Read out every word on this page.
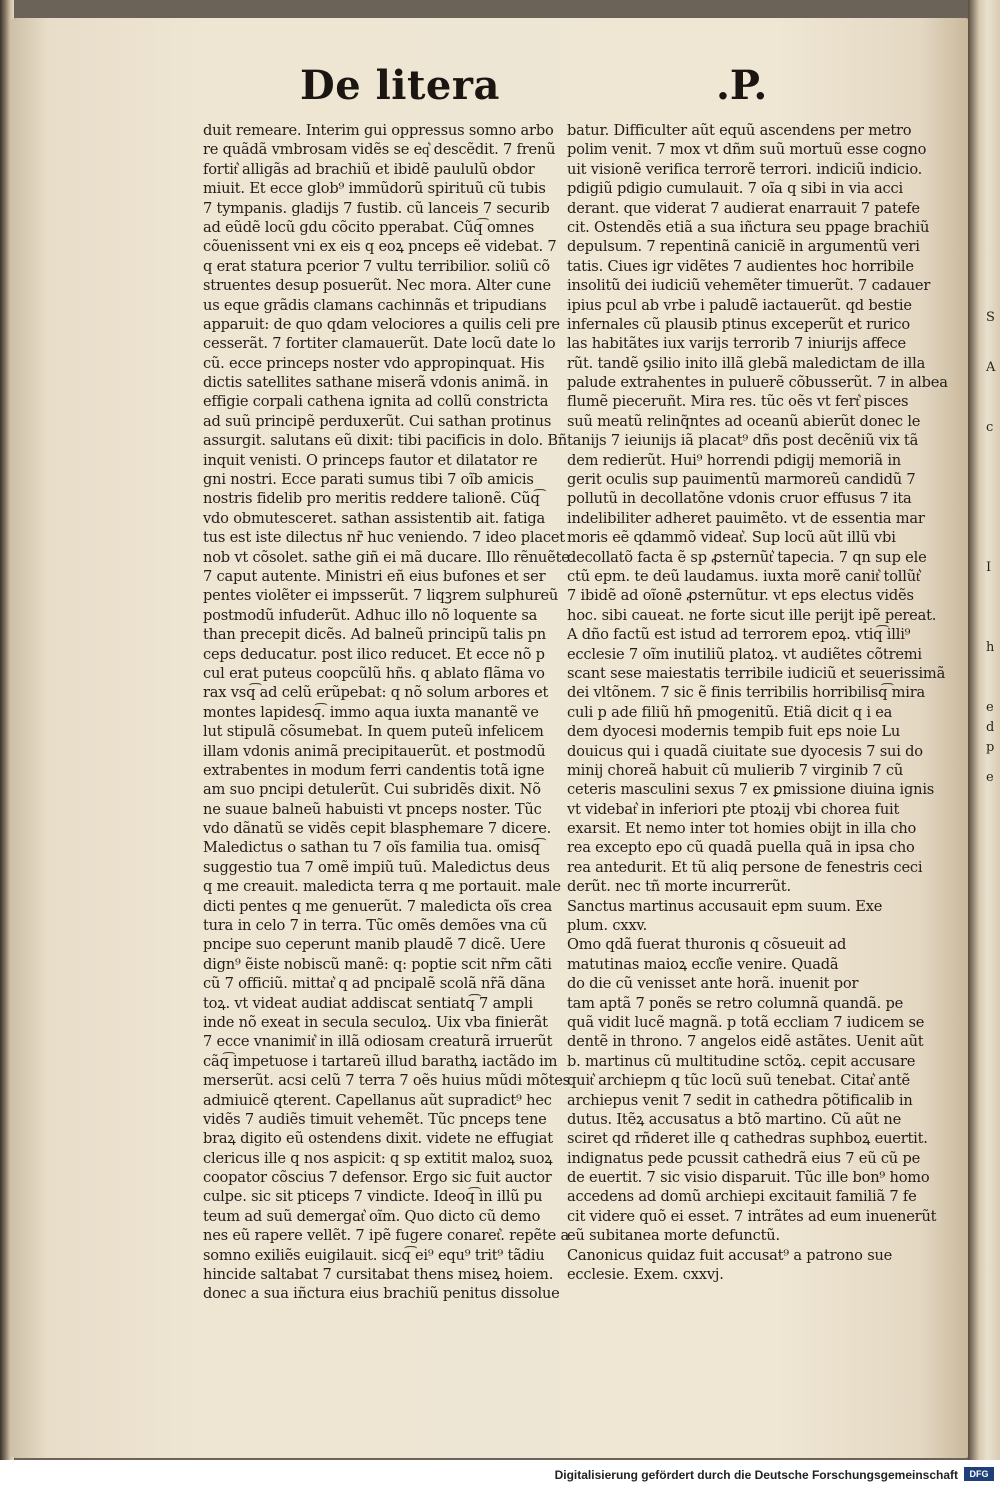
De litera	.P.
duit remeare. Interim gui oppressus somno arbo
re quãdã vmbrosam vidẽs se eq͛ descẽdit. 7 frenũ
fortit͛ alligãs ad brachiũ et ibidẽ paululũ obdor
miuit. Et ecce glob⁹ immũdorũ spirituũ cũ tubis
7 tympanis. gladijs 7 fustib. cũ lanceis 7 securib
ad eũdẽ locũ gdu cõcito pperabat. Cũq͡ omnes
cõuenissent vni ex eis q eoꝝ pnceps eẽ videbat. 7
q erat statura pcerior 7 vultu terribilior. soliũ cõ
struentes desup posuerũt. Nec mora. Alter cune
us eque grãdis clamans cachinnãs et tripudians
apparuit: de quo qdam velociores a quilis celi pre
cesserãt. 7 fortiter clamauerũt. Date locũ date lo
cũ. ecce princeps noster vdo appropinquat. His
dictis satellites sathane miserã vdonis animã. in
effigie corpali cathena ignita ad collũ constricta
ad suũ principẽ perduxerũt. Cui sathan protinus
assurgit. salutans eũ dixit: tibi pacificis in dolo. Bñ
inquit venisti. O princeps fautor et dilatator re
gni nostri. Ecce parati sumus tibi 7 oĩb amicis
nostris fidelib pro meritis reddere talionẽ. Cũq͡
vdo obmutesceret. sathan assistentib ait. fatiga
tus est iste dilectus nr̃ huc veniendo. 7 ideo placet
nob vt cõsolet. sathe giñ ei mã ducare. Illo rẽnuẽte
7 caput autente. Ministri eñ eius bufones et ser
pentes violẽter ei impsserũt. 7 liqꝫrem sulphureũ
postmodũ infuderũt. Adhuc illo nõ loquente sa
than precepit dicẽs. Ad balneũ principũ talis pn
ceps deducatur. post ilico reducet. Et ecce nõ p
cul erat puteus coopcũlũ hñs. q ablato flãma vo
rax vsq͡ ad celũ erũpebat: q nõ solum arbores et
montes lapidesq͡. immo aqua iuxta manantẽ ve
lut stipulã cõsumebat. In quem puteũ infelicem
illam vdonis animã precipitauerũt. et postmodũ
extrabentes in modum ferri candentis totã igne
am suo pncipi detulerũt. Cui subridẽs dixit. Nõ
ne suaue balneũ habuisti vt pnceps noster. Tũc
vdo dãnatũ se vidẽs cepit blasphemare 7 dicere.
Maledictus o sathan tu 7 oĩs familia tua. omisq͡
suggestio tua 7 omẽ impiũ tuũ. Maledictus deus
q me creauit. maledicta terra q me portauit. male
dicti pentes q me genuerũt. 7 maledicta oĩs crea
tura in celo 7 in terra. Tũc omẽs demões vna cũ
pncipe suo ceperunt manib plaudẽ 7 dicẽ. Uere
dign⁹ ẽiste nobiscũ manẽ: q: poptie scit nr̃m cãti
cũ 7 officiũ. mittat͛ q ad pncipalẽ scolã nr̃ã dãna
toꝝ. vt videat audiat addiscat sentiatq͡ 7 ampli
inde nõ exeat in secula seculoꝝ. Uix vba finierãt
7 ecce vnanimit͛ in illã odiosam creaturã irruerũt
cãq͡ impetuose i tartareũ illud barathꝝ iactãdo im
merserũt. acsi celũ 7 terra 7 oẽs huius mũdi mõtes
admiuicẽ qterent. Capellanus aũt supradict⁹ hec
vidẽs 7 audiẽs timuit vehemẽt. Tũc pnceps tene
braꝝ digito eũ ostendens dixit. videte ne effugiat
clericus ille q nos aspicit: q sp extitit maloꝝ suoꝝ
coopator cõscius 7 defensor. Ergo sic fuit auctor
culpe. sic sit pticeps 7 vindicte. Ideoq͡ in illũ pu
teum ad suũ demergat͛ oĩm. Quo dicto cũ demo
nes eũ rapere vellẽt. 7 ipẽ fugere conaret͛. repẽte a
somno exiliẽs euigilauit. sicq͡ ei⁹ equ⁹ trit⁹ tãdiu
hincide saltabat 7 cursitabat thens miseꝝ hoiem.
donec a sua iñctura eius brachiũ penitus dissolue
batur. Difficulter aũt equũ ascendens per metro
polim venit. 7 mox vt dñm suũ mortuũ esse cogno
uit visionẽ verifica terrorẽ terrori. indiciũ indicio.
pdigiũ pdigio cumulauit. 7 oĩa q sibi in via acci
derant. que viderat 7 audierat enarrauit 7 patefe
cit. Ostendẽs etiã a sua iñctura seu ppage brachiũ
depulsum. 7 repentinã caniciẽ in argumentũ veri
tatis. Ciues igr vidẽtes 7 audientes hoc horribile
insolitũ dei iudiciũ vehemẽter timuerũt. 7 cadauer
ipius pcul ab vrbe i paludẽ iactauerũt. qd bestie
infernales cũ plausib ptinus exceperũt et rurico
las habitãtes iux varijs terrorib 7 iniurijs affece
rũt. tandẽ ꝯsilio inito illã glebã maledictam de illa
palude extrahentes in puluerẽ cõbusserũt. 7 in albea
flumẽ pieceruñt. Mira res. tũc oẽs vt fert͛ pisces
suũ meatũ relinq̃ntes ad oceanũ abierũt donec le
tanijs 7 ieiunijs iã placat⁹ dñs post decẽniũ vix tã
dem redierũt. Hui⁹ horrendi pdigij memoriã in
gerit oculis sup pauimentũ marmoreũ candidũ 7
pollutũ in decollatõne vdonis cruor effusus 7 ita
indelibiliter adheret pauimẽto. vt de essentia mar
moris eẽ qdammõ videat͛. Sup locũ aũt illũ vbi
decollatõ facta ẽ sp ꝓsternũt͛ tapecia. 7 qn sup ele
ctũ epm. te deũ laudamus. iuxta morẽ canit͛ tollũt͛
7 ibidẽ ad oĩonẽ ꝓsternũtur. vt eps electus vidẽs
hoc. sibi caueat. ne forte sicut ille perijt ipẽ pereat.
A dño factũ est istud ad terrorem epoꝝ. vtiq͡ illi⁹
ecclesie 7 oĩm inutiliũ platoꝝ. vt audiẽtes cõtremi
scant sese maiestatis terribile iudiciũ et seuerissimã
dei vltõnem. 7 sic ẽ finis terribilis horribilisq͡ mira
culi p ade filiũ hñ pmogenitũ. Etiã dicit q i ea
dem dyocesi modernis tempib fuit eps noie Lu
douicus qui i quadã ciuitate sue dyocesis 7 sui do
minij choreã habuit cũ mulierib 7 virginib 7 cũ
ceteris masculini sexus 7 ex ꝑmissione diuina ignis
vt videbat͛ in inferiori pte ptoꝝij vbi chorea fuit
exarsit. Et nemo inter tot homies obijt in illa cho
rea excepto epo cũ quadã puella quã in ipsa cho
rea antedurit. Et tũ aliq persone de fenestris ceci
derũt. nec tñ morte incurrerũt.
Sanctus martinus accusauit epm suum. Exe
plum. cxxv.
Omo qdã fuerat thuronis q cõsueuit ad
matutinas maioꝝ eccl͛ie venire. Quadã
do die cũ venisset ante horã. inuenit por
tam aptã 7 ponẽs se retro columnã quandã. pe
quã vidit lucẽ magnã. p totã eccliam 7 iudicem se
dentẽ in throno. 7 angelos eidẽ astãtes. Uenit aũt
b. martinus cũ multitudine sctõꝝ. cepit accusare
quit͛ archiepm q tũc locũ suũ tenebat. Citat͛ antẽ
archiepus venit 7 sedit in cathedra põtificalib in
dutus. Itẽꝝ accusatus a btõ martino. Cũ aũt ne
sciret qd rñderet ille q cathedras suphboꝝ euertit.
indignatus pede pcussit cathedrã eius 7 eũ cũ pe
de euertit. 7 sic visio disparuit. Tũc ille bon⁹ homo
accedens ad domũ archiepi excitauit familiã 7 fe
cit videre quõ ei esset. 7 intrãtes ad eum inuenerũt
eũ subitanea morte defunctũ.
Canonicus quidaz fuit accusat⁹ a patrono sue
ecclesie. Exem. cxxvj.
S
A
c
I
h
e
d
p
e
Digitalisierung gefördert durch die Deutsche Forschungsgemeinschaft	DFG
